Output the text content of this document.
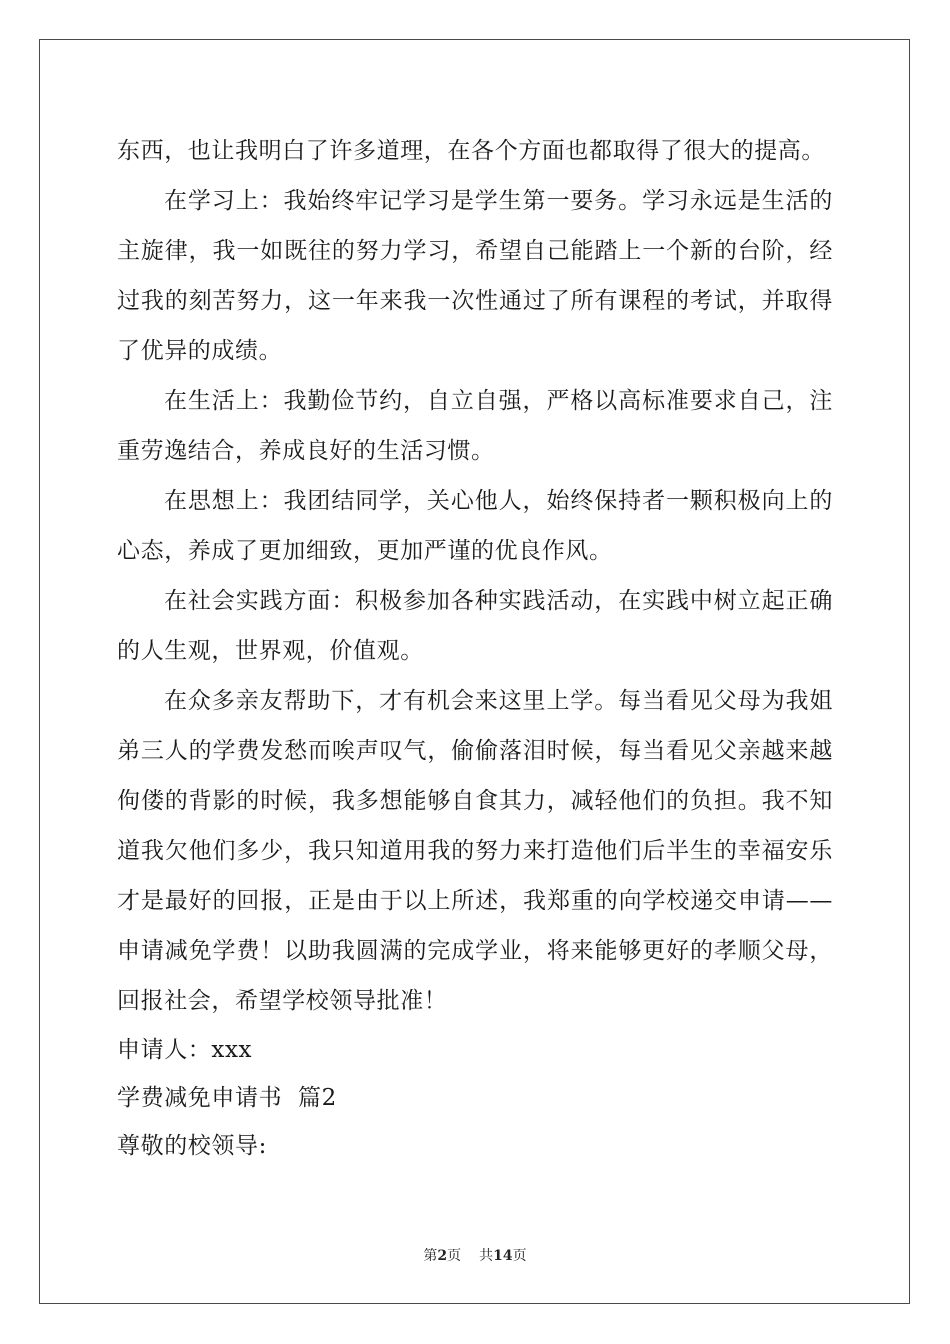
东西，也让我明白了许多道理，在各个方面也都取得了很大的提高。

在学习上：我始终牢记学习是学生第一要务。学习永远是生活的主旋律，我一如既往的努力学习，希望自己能踏上一个新的台阶，经过我的刻苦努力，这一年来我一次性通过了所有课程的考试，并取得了优异的成绩。

在生活上：我勤俭节约，自立自强，严格以高标准要求自己，注重劳逸结合，养成良好的生活习惯。

在思想上：我团结同学，关心他人，始终保持者一颗积极向上的心态，养成了更加细致，更加严谨的优良作风。

在社会实践方面：积极参加各种实践活动，在实践中树立起正确的人生观，世界观，价值观。

在众多亲友帮助下，才有机会来这里上学。每当看见父母为我姐弟三人的学费发愁而唉声叹气，偷偷落泪时候，每当看见父亲越来越佝偻的背影的时候，我多想能够自食其力，减轻他们的负担。我不知道我欠他们多少，我只知道用我的努力来打造他们后半生的幸福安乐才是最好的回报，正是由于以上所述，我郑重的向学校递交申请——申请减免学费！以助我圆满的完成学业，将来能够更好的孝顺父母，回报社会，希望学校领导批准！

申请人：xxx

学费减免申请书  篇2

尊敬的校领导:

第2页 共14页
